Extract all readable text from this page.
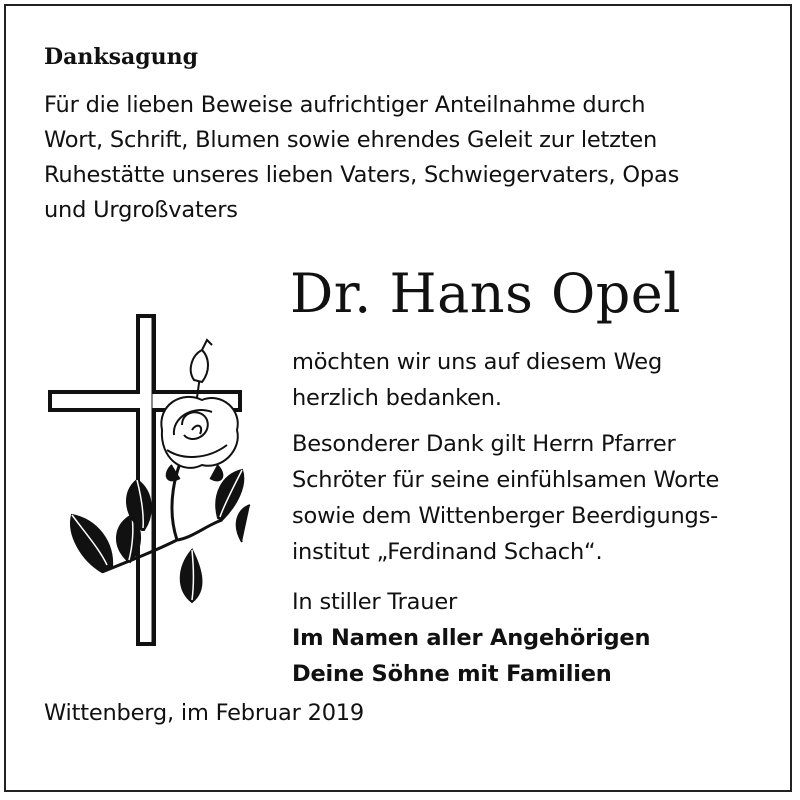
Danksagung
Für die lieben Beweise aufrichtiger Anteilnahme durch
Wort, Schrift, Blumen sowie ehrendes Geleit zur letzten
Ruhestätte unseres lieben Vaters, Schwiegervaters, Opas
und Urgroßvaters
Dr. Hans Opel
möchten wir uns auf diesem Weg
herzlich bedanken.
Besonderer Dank gilt Herrn Pfarrer
Schröter für seine einfühlsamen Worte
sowie dem Wittenberger Beerdigungs-
institut „Ferdinand Schach“.
In stiller Trauer
Im Namen aller Angehörigen
Deine Söhne mit Familien
Wittenberg, im Februar 2019
